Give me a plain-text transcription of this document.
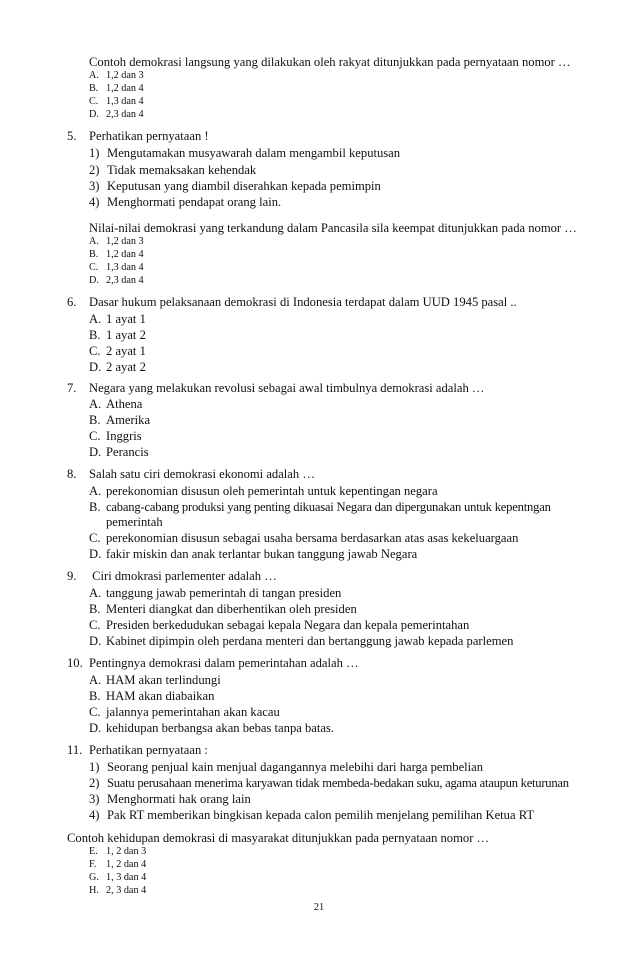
Contoh demokrasi langsung yang dilakukan oleh rakyat ditunjukkan pada pernyataan nomor …
A. 1,2 dan 3
B. 1,2 dan 4
C. 1,3 dan 4
D. 2,3 dan 4
5. Perhatikan pernyataan !
1) Mengutamakan musyawarah dalam mengambil keputusan
2) Tidak memaksakan kehendak
3) Keputusan yang diambil diserahkan kepada pemimpin
4) Menghormati pendapat orang lain.
Nilai-nilai demokrasi yang terkandung dalam Pancasila sila keempat ditunjukkan pada nomor …
A. 1,2 dan 3
B. 1,2 dan 4
C. 1,3 dan 4
D. 2,3 dan 4
6. Dasar hukum pelaksanaan demokrasi di Indonesia terdapat dalam UUD 1945 pasal ..
A. 1 ayat 1
B. 1 ayat 2
C. 2 ayat 1
D. 2 ayat 2
7. Negara yang melakukan revolusi sebagai awal timbulnya demokrasi adalah …
A. Athena
B. Amerika
C. Inggris
D. Perancis
8. Salah satu ciri demokrasi ekonomi adalah …
A. perekonomian disusun oleh pemerintah untuk kepentingan negara
B. cabang-cabang produksi yang penting dikuasai Negara dan dipergunakan untuk kepentngan
pemerintah
C. perekonomian disusun sebagai usaha bersama berdasarkan atas asas kekeluargaan
D. fakir miskin dan anak terlantar bukan tanggung jawab Negara
9. Ciri dmokrasi parlementer adalah …
A. tanggung jawab pemerintah di tangan presiden
B. Menteri diangkat dan diberhentikan oleh presiden
C. Presiden berkedudukan sebagai kepala Negara dan kepala pemerintahan
D. Kabinet dipimpin oleh perdana menteri dan bertanggung jawab kepada parlemen
10. Pentingnya demokrasi dalam pemerintahan adalah …
A. HAM akan terlindungi
B. HAM akan diabaikan
C. jalannya pemerintahan akan kacau
D. kehidupan berbangsa akan bebas tanpa batas.
11. Perhatikan pernyataan :
1) Seorang penjual kain menjual dagangannya melebihi dari harga pembelian
2) Suatu perusahaan menerima karyawan tidak membeda-bedakan suku, agama ataupun keturunan
3) Menghormati hak orang lain
4) Pak RT memberikan bingkisan kepada calon pemilih menjelang pemilihan Ketua RT
Contoh kehidupan demokrasi di masyarakat ditunjukkan pada pernyataan nomor …
E. 1, 2 dan 3
F. 1, 2 dan 4
G. 1, 3 dan 4
H. 2, 3 dan 4
21
